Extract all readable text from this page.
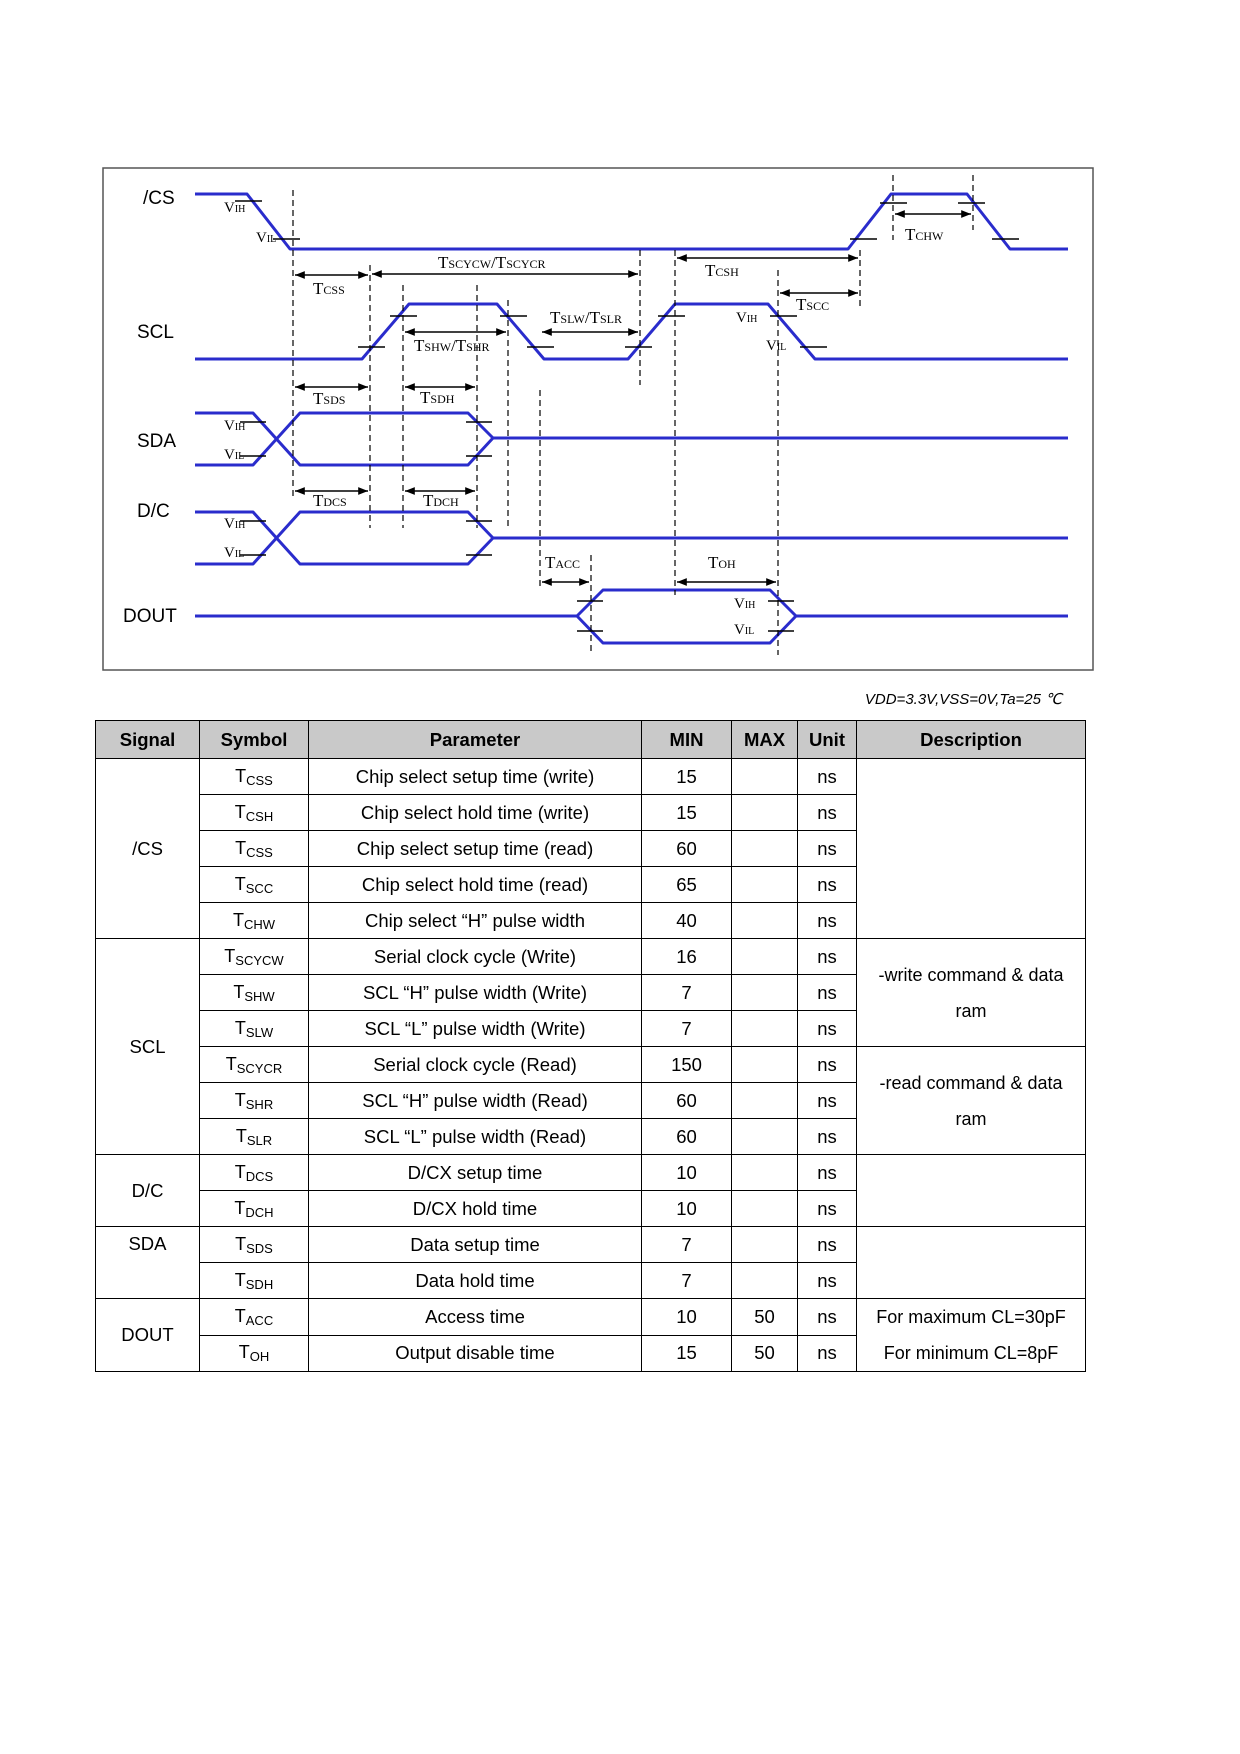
/CS
SCL
SDA
D/C
DOUT
VIH
VIL
VIH
VIL
VIH
VIL
VIH
VIL
VIH
VIL
TCSS
TSCYCW/TSCYCR	TCSH
TCHW
TSCC
TSHW/TSHR
TSLW/TSLR
TSDS	TSDH
TDCS	TDCH
TACC	TOH
VDD=3.3V,VSS=0V,Ta=25 ℃
Signal	Symbol	Parameter	MIN	MAX	Unit	Description
/CS	$T_{CSS}$	Chip select setup time (write)	15		ns	
	$T_{CSH}$	Chip select hold time (write)	15		ns	
	$T_{CSS}$	Chip select setup time (read)	60		ns	
	$T_{SCC}$	Chip select hold time (read)	65		ns	
	$T_{CHW}$	Chip select “H” pulse width	40		ns	
SCL	$T_{SCYCW}$	Serial clock cycle (Write)	16		ns	-write command & data
ram
	$T_{SHW}$	SCL “H” pulse width (Write)	7		ns	
	$T_{SLW}$	SCL “L” pulse width (Write)	7		ns	
	$T_{SCYCR}$	Serial clock cycle (Read)	150		ns	-read command & data
ram
	$T_{SHR}$	SCL “H” pulse width (Read)	60		ns	
	$T_{SLR}$	SCL “L” pulse width (Read)	60		ns	
D/C	$T_{DCS}$	D/CX setup time	10		ns	
	$T_{DCH}$	D/CX hold time	10		ns	
SDA	$T_{SDS}$	Data setup time	7		ns	
	$T_{SDH}$	Data hold time	7		ns	
DOUT	$T_{ACC}$	Access time	10	50	ns	For maximum CL=30pF
For minimum CL=8pF
	$T_{OH}$	Output disable time	15	50	ns	
